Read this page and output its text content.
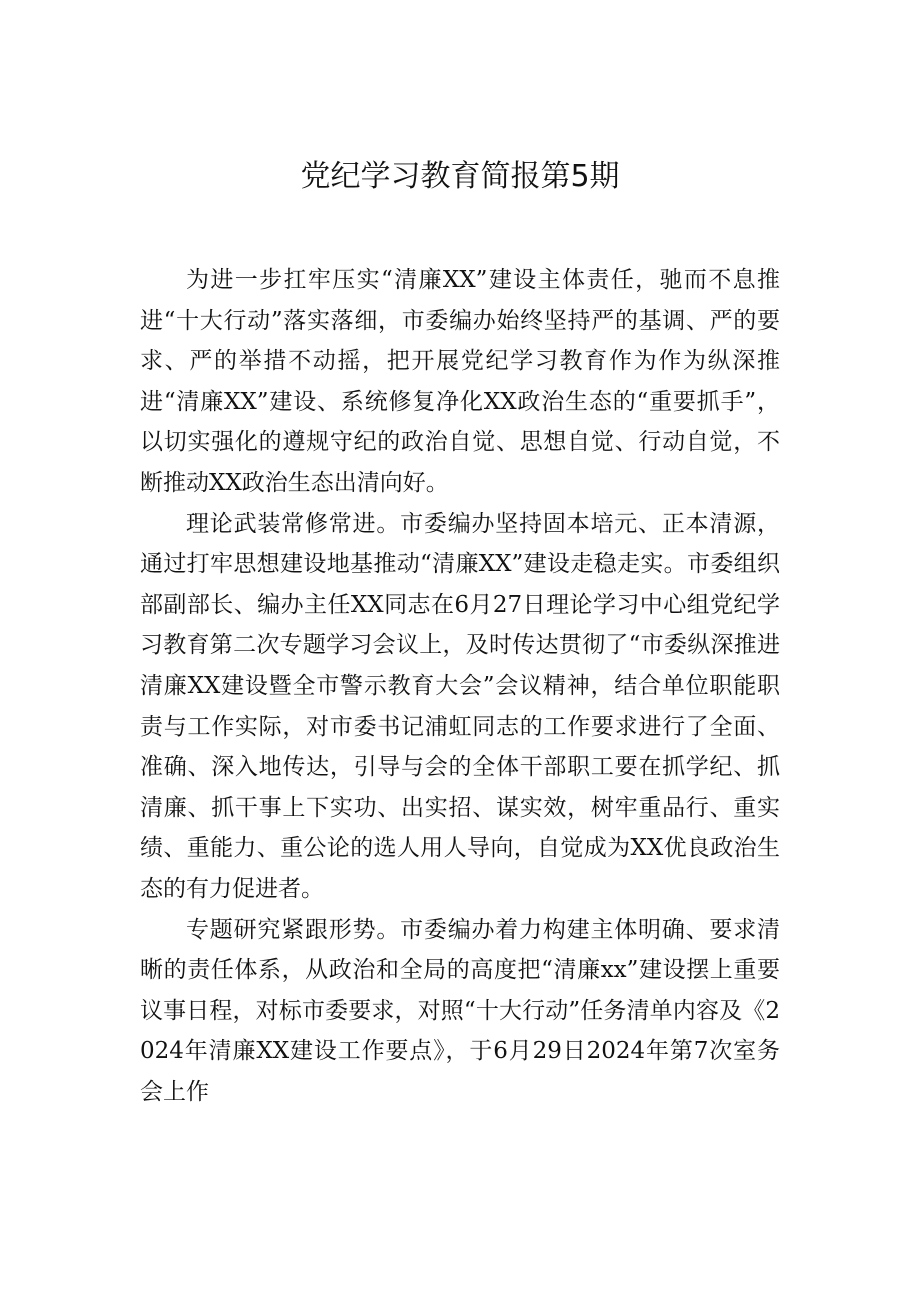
党纪学习教育简报第5期

为进一步扛牢压实“清廉XX”建设主体责任，驰而不息推进“十大行动”落实落细，市委编办始终坚持严的基调、严的要求、严的举措不动摇，把开展党纪学习教育作为作为纵深推进“清廉XX”建设、系统修复净化XX政治生态的“重要抓手”，以切实强化的遵规守纪的政治自觉、思想自觉、行动自觉，不断推动XX政治生态出清向好。

理论武装常修常进。市委编办坚持固本培元、正本清源，通过打牢思想建设地基推动“清廉XX”建设走稳走实。市委组织部副部长、编办主任XX同志在6月27日理论学习中心组党纪学习教育第二次专题学习会议上，及时传达贯彻了“市委纵深推进清廉XX建设暨全市警示教育大会”会议精神，结合单位职能职责与工作实际，对市委书记浦虹同志的工作要求进行了全面、准确、深入地传达，引导与会的全体干部职工要在抓学纪、抓清廉、抓干事上下实功、出实招、谋实效，树牢重品行、重实绩、重能力、重公论的选人用人导向，自觉成为XX优良政治生态的有力促进者。

专题研究紧跟形势。市委编办着力构建主体明确、要求清晰的责任体系，从政治和全局的高度把“清廉xx”建设摆上重要议事日程，对标市委要求，对照“十大行动”任务清单内容及《2024年清廉XX建设工作要点》，于6月29日2024年第7次室务会上作
